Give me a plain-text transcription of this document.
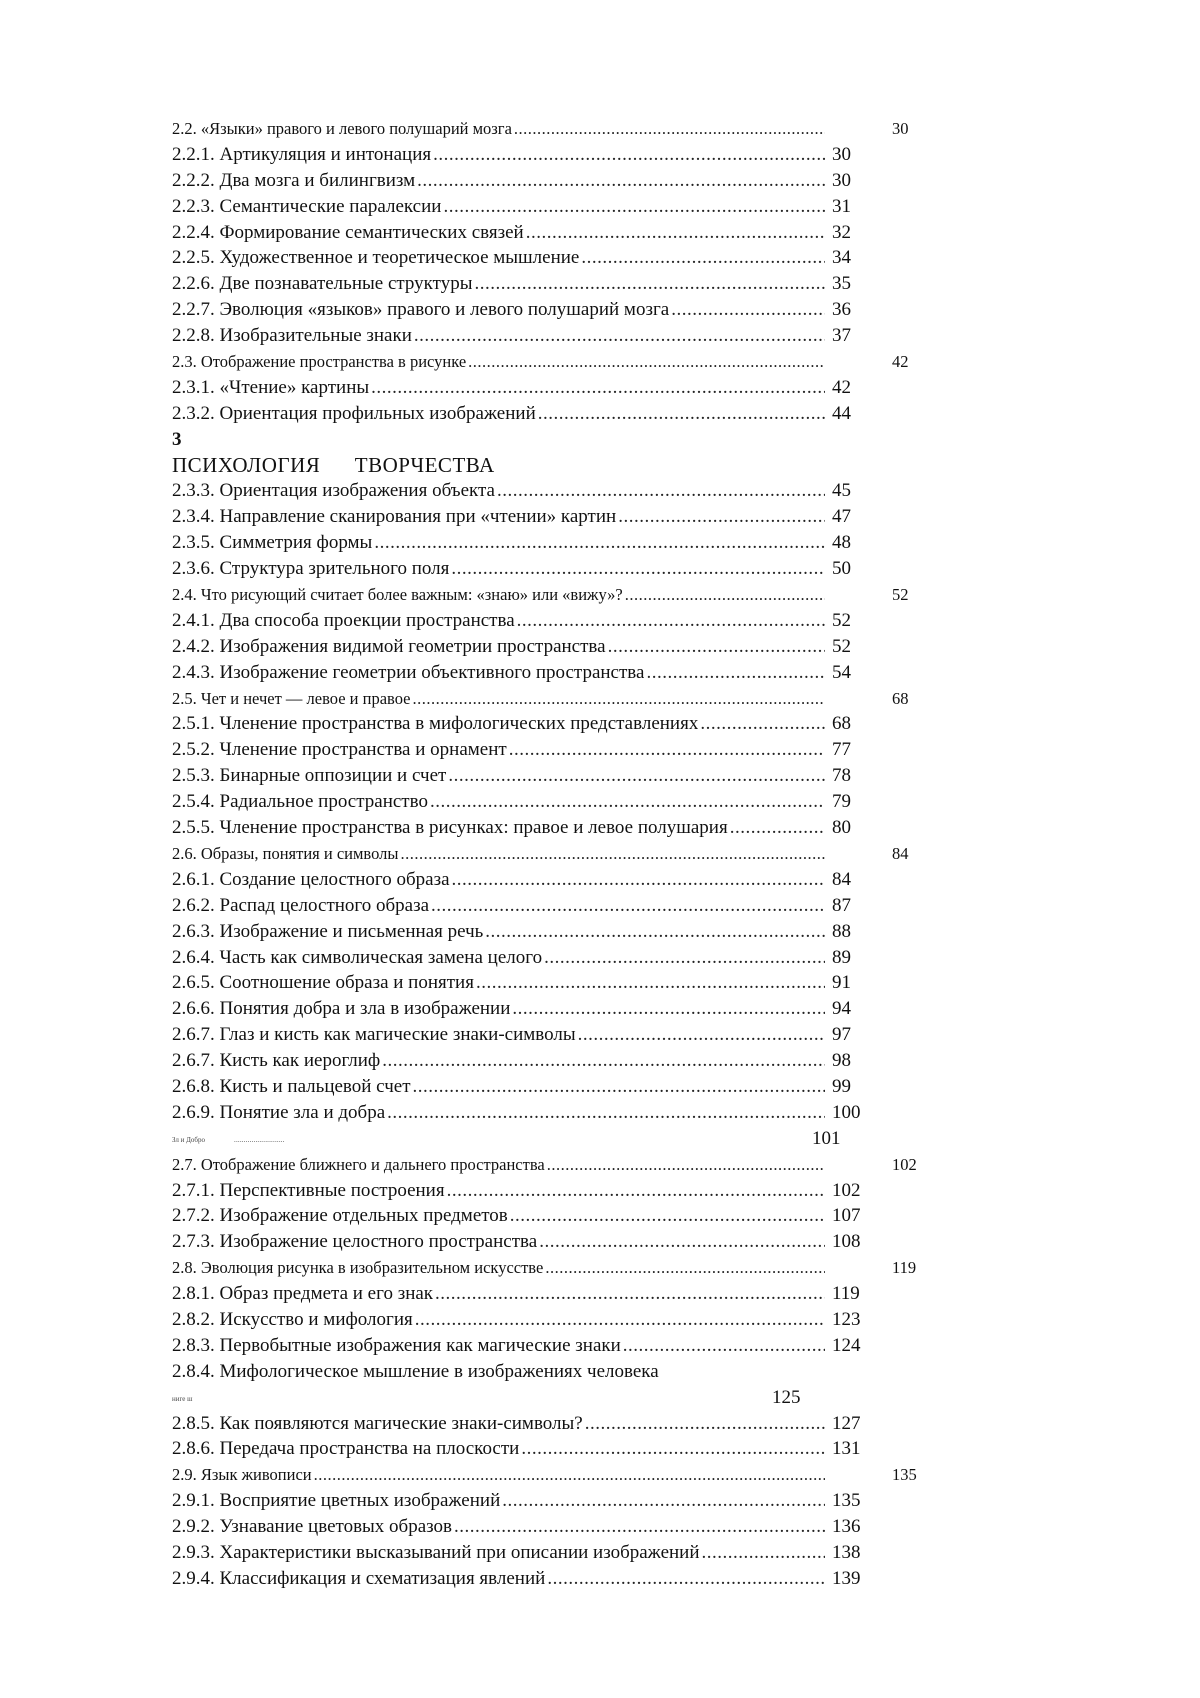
2.2. «Языки» правого и левого полушарий мозга
.....	30
2.2.1. Артикуляция и интонация
.....	30
2.2.2. Два мозга и билингвизм
.....	30
2.2.3. Семантические паралексии
.....	31
2.2.4. Формирование семантических связей
.....	32
2.2.5. Художественное и теоретическое мышление
.....	34
2.2.6. Две познавательные структуры
.....	35
2.2.7. Эволюция «языков» правого и левого полушарий мозга
.....	36
2.2.8. Изобразительные знаки
.....	37
2.3. Отображение пространства в рисунке
.....	42
2.3.1. «Чтение» картины
.....	42
2.3.2. Ориентация профильных изображений
.....	44
3
ПСИХОЛОГИЯ      ТВОРЧЕСТВА
2.3.3. Ориентация изображения объекта
.....	45
2.3.4. Направление сканирования при «чтении» картин
.....	47
2.3.5. Симметрия формы
.....	48
2.3.6. Структура зрительного поля
.....	50
2.4. Что рисующий считает более важным: «знаю» или «вижу»?
.....	52
2.4.1. Два способа проекции пространства
.....	52
2.4.2. Изображения видимой геометрии пространства
.....	52
2.4.3. Изображение геометрии объективного пространства
.....	54
2.5. Чет и нечет — левое и правое
.....	68
2.5.1. Членение пространства в мифологических представлениях
.....	68
2.5.2. Членение пространства и орнамент
.....	77
2.5.3. Бинарные оппозиции и счет
.....	78
2.5.4. Радиальное пространство
.....	79
2.5.5. Членение пространства в рисунках: правое и левое полушария
.....	80
2.6. Образы, понятия и символы
.....	84
2.6.1. Создание целостного образа
.....	84
2.6.2. Распад целостного образа
.....	87
2.6.3. Изображение и письменная речь
.....	88
2.6.4. Часть как символическая замена целого
.....	89
2.6.5. Соотношение образа и понятия
.....	91
2.6.6. Понятия добра и зла в изображении
.....	94
2.6.7. Глаз и кисть как магические знаки-символы
.....	97
2.6.7. Кисть как иероглиф
.....	98
2.6.8. Кисть и пальцевой счет
.....	99
2.6.9. Понятие зла и добра
.....	100
Зл и Добро	..........................	101
2.7. Отображение ближнего и дальнего пространства
.....	102
2.7.1. Перспективные построения
.....	102
2.7.2. Изображение отдельных предметов
.....	107
2.7.3. Изображение целостного пространства
.....	108
2.8. Эволюция рисунка в изобразительном искусстве
.....	119
2.8.1. Образ предмета и его знак
.....	119
2.8.2. Искусство и мифология
.....	123
2.8.3. Первобытные изображения как магические знаки
.....	124
2.8.4. Мифологическое мышление в изображениях человека
ниге ш	125
2.8.5. Как появляются магические знаки-символы?
.....	127
2.8.6. Передача пространства на плоскости
.....	131
2.9. Язык живописи
.....	135
2.9.1. Восприятие цветных изображений
.....	135
2.9.2. Узнавание цветовых образов
.....	136
2.9.3. Характеристики высказываний при описании изображений
.....	138
2.9.4. Классификация и схематизация явлений
.....	139
